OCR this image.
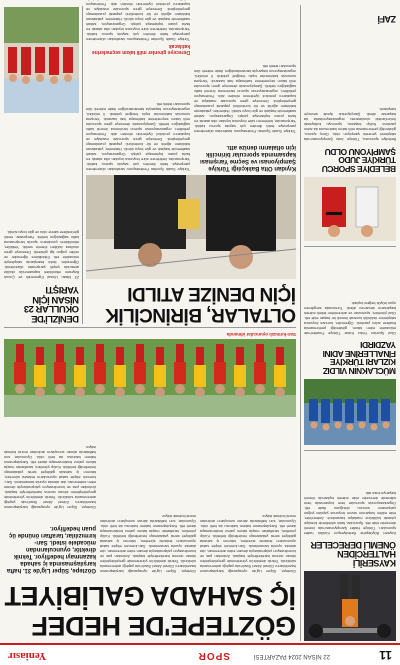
11
22 NİSAN 2024 PAZARTESİ
SPOR
Yeniasır
KAYSERİLİ HALTERCİDEN ÖNEMLİ DERECELER
Kayseri Büyükşehir Belediyespor Kulübü halter sporcuları, Türkiye Halter Şampiyonası'nda önemli dereceler elde etti. Sporcular, farklı sıkletlerde kürsüye çıkarak kulübüne madalya kazandırdı. Antrenörler, elde edilen başarının sezon boyunca yapılan yoğun çalışmanın sonucu olduğunu ifade etti. Organizasyonda sporcular hem koparmada hem silkmede dereceler elde ederek toplamda önemli başarıya imza attı.
MÜCLAKNIN VILDIZ KIZLARI TÜRKİYE FİNALLERİNE ADINI YAZDIRDI
Okul Sporları Yıldız Kızlar Türkiye Finalleri'nde mücadele eden takım, gösterdiği performansla finallere adını yazdırdı. Öğrenciler, turnuva boyunca rakiplerine üstünlük kurarak önemli bir başarı elde etti. Okul yönetimi, sporcuları ve antrenörleri tebrik ederek başarıların devamını diledi. Turnuvada sergilenen oyun büyük beğeni topladı.
BELEDİYE SPORCU TÜRKİYE JUDO ŞAMPİYONU OLDU
Belediye sporcusu, Türkiye Judo Şampiyonası'nda rakiplerini yenerek şampiyon oldu. Genç sporcu, gösterdiği performansla milli takım kadrosuna da adını yazdırdı. Kulüp başkanı, sporcuyu kutlayarak önümüzdeki uluslararası organizasyonlarda da başarılar diledi. Şampiyonluk ilçede sevinçle karşılandı.
ZAFİ
GÖZTEPE'DE HEDEF
İÇ SAHADA GALİBİYET
Göztepe, Süper Lig'de oynayacağı karşılaşmanın hazırlıklarını Gürsel Aksel Stadı'nda yaptığı antrenmanla sürdürdü. Teknik direktörün yönetiminde gerçekleştirilen idman ısınma hareketleriyle başladı. Ardından pas ve koordinasyon çalışmalarıyla devam eden antrenman, dar alanda oyunla tamamlandı. Sarı-kırmızılı ekipte sakat oyuncuların tedavisi sürerken, takımın iç sahada galibiyet serisi yakalamayı hedeflediği belirtildi. Kulüp yönetimi, taraftarları maçta takımı yalnız bırakmamaya davet etti. Karşılaşmanın hakem kadrosu da belli oldu. Oyuncular, son haftalarda alınan sonuçların ardından moral bulmak istiyor.
Göztepe, Süper Lig'de oynayacağı karşılaşmanın hazırlıklarını Gürsel Aksel Stadı'nda yaptığı antrenmanla sürdürdü. Teknik direktörün yönetiminde gerçekleştirilen idman ısınma hareketleriyle başladı. Ardından pas ve koordinasyon çalışmalarıyla devam eden antrenman, dar alanda oyunla tamamlandı. Sarı-kırmızılı ekipte sakat oyuncuların tedavisi sürerken, takımın iç sahada galibiyet serisi yakalamayı hedeflediği belirtildi. Kulüp yönetimi, taraftarları maçta takımı yalnız bırakmamaya davet etti. Karşılaşmanın hakem kadrosu da belli oldu. Oyuncular, son haftalarda alınan sonuçların ardından moral bulmak istiyor.
Göztepe, Süper Lig'de 31. hafta karşılaşmasında iç sahada kazanmayı hedefliyor. Teknik direktör, oyuncularından mücadele istedi. Sarı-kırmızılılar, taraftarı önünde üç puan hedefliyor.
Göztepe, Süper Lig'de oynayacağı karşılaşmanın hazırlıklarını Gürsel Aksel Stadı'nda yaptığı antrenmanla sürdürdü. Teknik direktörün yönetiminde gerçekleştirilen idman ısınma hareketleriyle başladı. Ardından pas ve koordinasyon çalışmalarıyla devam eden antrenman, dar alanda oyunla tamamlandı. Sarı-kırmızılı ekipte sakat oyuncuların tedavisi sürerken, takımın iç sahada galibiyet serisi yakalamayı hedeflediği belirtildi. Kulüp yönetimi, taraftarları maçta takımı yalnız bırakmamaya davet etti. Karşılaşmanın hakem kadrosu da belli oldu. Oyuncular, son haftalarda alınan sonuçların ardından moral bulmak istiyor.
Sarı-kırmızılı oyuncular idmanda
OLTALAR, BİRİNCİLİK
İÇİN DENİZE ATILDI
Kıyıdan Olta Balıkçılığı Türkiye Şampiyonası ve Seçme Yarışması kapsamında sporcular birincilik için oltalarını denize attı.
Türkiye Sualtı Sporları Federasyonu tarafından düzenlenen yarışmaya farklı illerden çok sayıda sporcu katıldı. Yarışmacılar, belirlenen süre boyunca kıyıdan olta atarak en fazla puanı toplamaya çalıştı. Organizasyon, sabah saatlerinde başladı ve gün boyu sürdü. Hakemler, yakalanan balıkların ağırlık ve tür kontrolünü yaparak puanlamayı gerçekleştirdi. Dereceye giren sporcular madalya ve kupalarını protokol üyelerinin elinden aldı. Federasyon yetkilileri, organizasyonun sporun tanıtımına önemli katkı sağladığını belirtti. Şampiyonada dereceye giren sporcular milli takım seçmelerine katılmaya hak kazandı. Yarışma sonunda katılımcılar toplu fotoğraf çektirdi. İl müdürü, organizasyonun başarıyla tamamlandığını ifade ederek tüm sporcuları tebrik etti.
Türkiye Sualtı Sporları Federasyonu tarafından düzenlenen yarışmaya farklı illerden çok sayıda sporcu katıldı. Yarışmacılar, belirlenen süre boyunca kıyıdan olta atarak en fazla puanı toplamaya çalıştı. Organizasyon, sabah saatlerinde başladı ve gün boyu sürdü. Hakemler, yakalanan balıkların ağırlık ve tür kontrolünü yaparak puanlamayı gerçekleştirdi. Dereceye giren sporcular madalya ve kupalarını protokol üyelerinin elinden aldı. Federasyon yetkilileri, organizasyonun sporun tanıtımına önemli katkı sağladığını belirtti. Şampiyonada dereceye giren sporcular milli takım seçmelerine katılmaya hak kazandı. Yarışma sonunda katılımcılar toplu fotoğraf çektirdi. İl müdürü, organizasyonun başarıyla tamamlandığını ifade ederek tüm sporcuları tebrik etti.
Dereceye girenler milli takım seçmelerine katılacak
Türkiye Sualtı Sporları Federasyonu tarafından düzenlenen yarışmaya farklı illerden çok sayıda sporcu katıldı. Yarışmacılar, belirlenen süre boyunca kıyıdan olta atarak en fazla puanı toplamaya çalıştı. Organizasyon, sabah saatlerinde başladı ve gün boyu sürdü. Hakemler, yakalanan balıkların ağırlık ve tür kontrolünü yaparak puanlamayı gerçekleştirdi. Dereceye giren sporcular madalya ve kupalarını protokol üyelerinin elinden aldı. Federasyon
DENİZLİ'DE OKULLAR 23 NİSAN İÇİN YARIŞTI
23 Nisan Ulusal Egemenlik ve Çocuk Bayramı etkinlikleri kapsamında okullar arasında çeşitli yarışmalar düzenlendi. Öğrenciler, farklı branşlarda rakipleriyle mücadele etti. Etkinliklere öğrenciler ve veliler yoğun ilgi gösterdi. Dereceye giren okullara ödülleri törenle verildi. Yetkililer, etkinliklerin çocukların sporla tanışmasına katkı sağladığını belirtti. Yarışmalar, renkli görüntülere sahne oldu ve gün boyu sürdü.
